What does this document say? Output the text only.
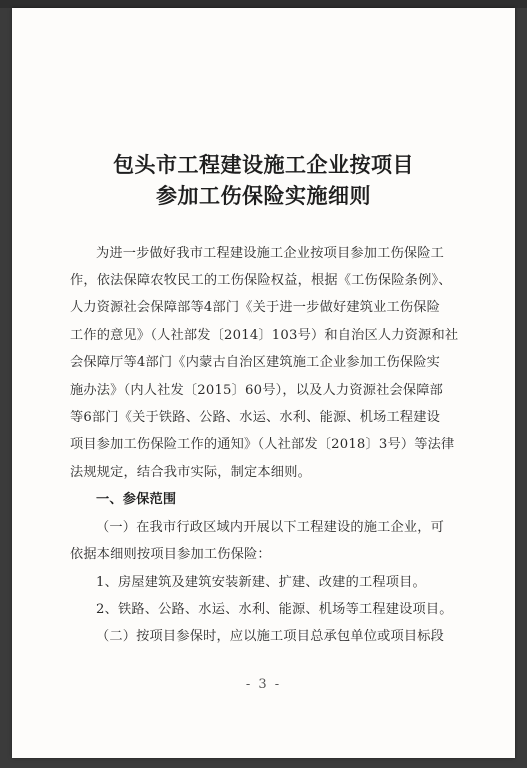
包头市工程建设施工企业按项目
参加工伤保险实施细则
为进一步做好我市工程建设施工企业按项目参加工伤保险工
作，依法保障农牧民工的工伤保险权益，根据《工伤保险条例》、
人力资源社会保障部等4部门《关于进一步做好建筑业工伤保险
工作的意见》（人社部发〔2014〕103号）和自治区人力资源和社
会保障厅等4部门《内蒙古自治区建筑施工企业参加工伤保险实
施办法》（内人社发〔2015〕60号），以及人力资源社会保障部
等6部门《关于铁路、公路、水运、水利、能源、机场工程建设
项目参加工伤保险工作的通知》（人社部发〔2018〕3号）等法律
法规规定，结合我市实际，制定本细则。
一、参保范围
（一）在我市行政区域内开展以下工程建设的施工企业，可
依据本细则按项目参加工伤保险：
1、房屋建筑及建筑安装新建、扩建、改建的工程项目。
2、铁路、公路、水运、水利、能源、机场等工程建设项目。
（二）按项目参保时，应以施工项目总承包单位或项目标段
- 3 -
